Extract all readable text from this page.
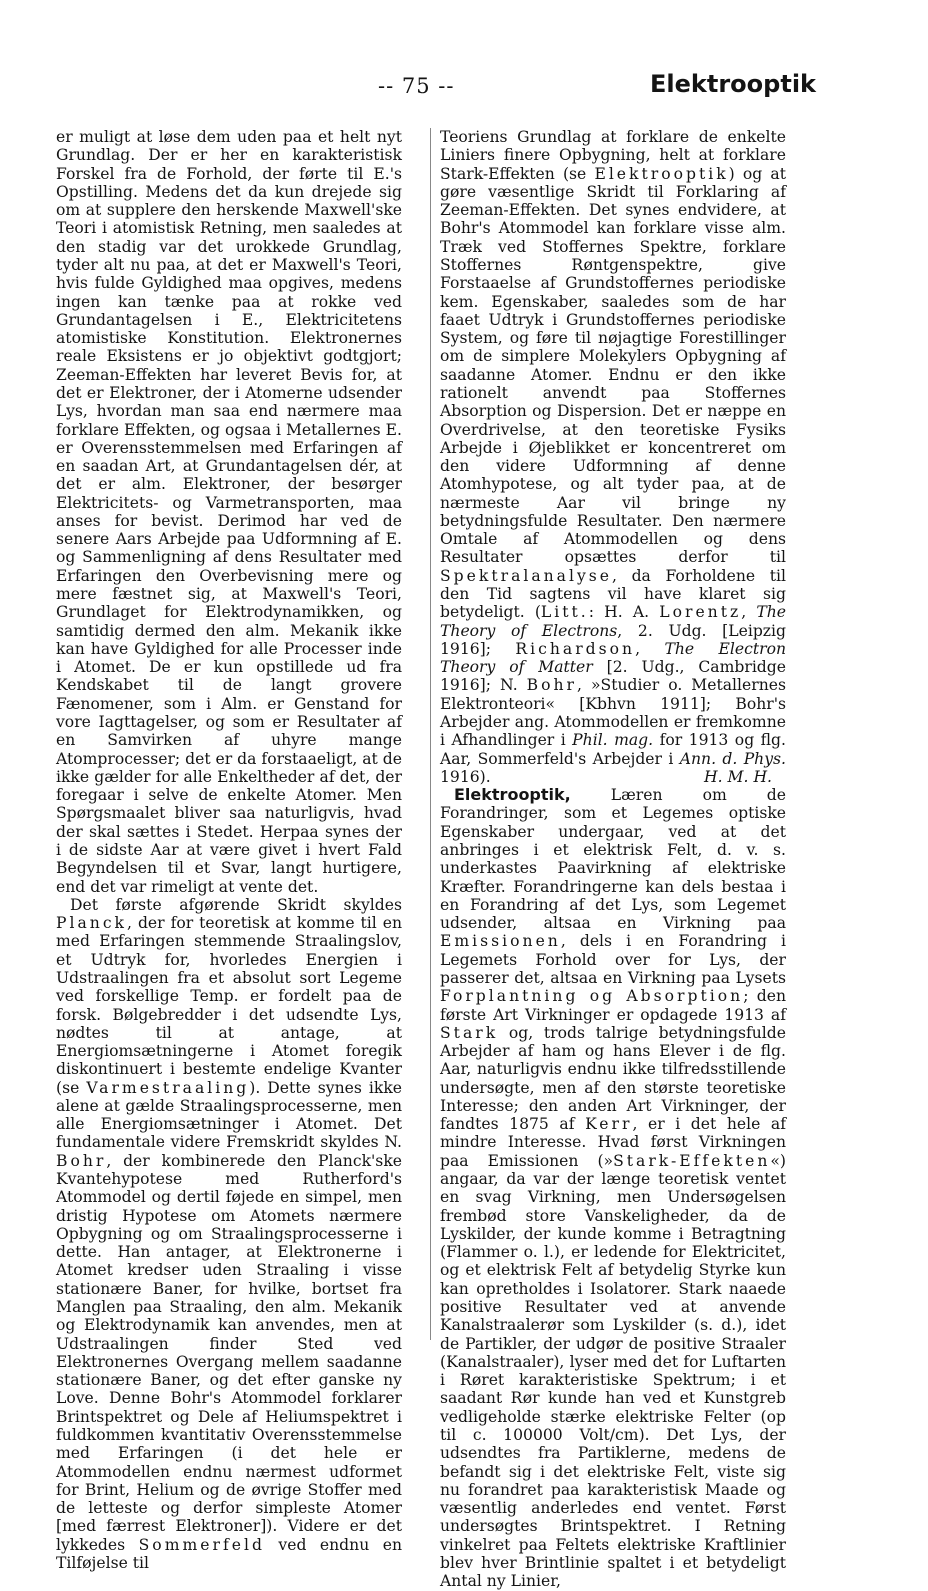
-- 75 --	Elektrooptik

er muligt at løse dem uden paa et helt nyt Grundlag. Der er her en karakteristisk Forskel fra de Forhold, der førte til E.'s Opstilling. Medens det da kun drejede sig om at supplere den herskende Maxwell'ske Teori i atomistisk Retning, men saaledes at den stadig var det urokkede Grundlag, tyder alt nu paa, at det er Maxwell's Teori, hvis fulde Gyldighed maa opgives, medens ingen kan tænke paa at rokke ved Grundantagelsen i E., Elektricitetens atomistiske Konstitution. Elektronernes reale Eksistens er jo objektivt godtgjort; Zeeman-Effekten har leveret Bevis for, at det er Elektroner, der i Atomerne udsender Lys, hvordan man saa end nærmere maa forklare Effekten, og ogsaa i Metallernes E. er Overensstemmelsen med Erfaringen af en saadan Art, at Grundantagelsen dér, at det er alm. Elektroner, der besørger Elektricitets- og Varmetransporten, maa anses for bevist. Derimod har ved de senere Aars Arbejde paa Udformning af E. og Sammenligning af dens Resultater med Erfaringen den Overbevisning mere og mere fæstnet sig, at Maxwell's Teori, Grundlaget for Elektrodynamikken, og samtidig dermed den alm. Mekanik ikke kan have Gyldighed for alle Processer inde i Atomet. De er kun opstillede ud fra Kendskabet til de langt grovere Fænomener, som i Alm. er Genstand for vore Iagttagelser, og som er Resultater af en Samvirken af uhyre mange Atomprocesser; det er da forstaaeligt, at de ikke gælder for alle Enkeltheder af det, der foregaar i selve de enkelte Atomer. Men Spørgsmaalet bliver saa naturligvis, hvad der skal sættes i Stedet. Herpaa synes der i de sidste Aar at være givet i hvert Fald Begyndelsen til et Svar, langt hurtigere, end det var rimeligt at vente det.

Det første afgørende Skridt skyldes Planck, der for teoretisk at komme til en med Erfaringen stemmende Straalingslov, et Udtryk for, hvorledes Energien i Udstraalingen fra et absolut sort Legeme ved forskellige Temp. er fordelt paa de forsk. Bølgebredder i det udsendte Lys, nødtes til at antage, at Energiomsætningerne i Atomet foregik diskontinuert i bestemte endelige Kvanter (se Varmestraaling). Dette synes ikke alene at gælde Straalingsprocesserne, men alle Energiomsætninger i Atomet. Det fundamentale videre Fremskridt skyldes N. Bohr, der kombinerede den Planck'ske Kvantehypotese med Rutherford's Atommodel og dertil føjede en simpel, men dristig Hypotese om Atomets nærmere Opbygning og om Straalingsprocesserne i dette. Han antager, at Elektronerne i Atomet kredser uden Straaling i visse stationære Baner, for hvilke, bortset fra Manglen paa Straaling, den alm. Mekanik og Elektrodynamik kan anvendes, men at Udstraalingen finder Sted ved Elektronernes Overgang mellem saadanne stationære Baner, og det efter ganske ny Love. Denne Bohr's Atommodel forklarer Brintspektret og Dele af Heliumspektret i fuldkommen kvantitativ Overensstemmelse med Erfaringen (i det hele er Atommodellen endnu nærmest udformet for Brint, Helium og de øvrige Stoffer med de letteste og derfor simpleste Atomer [med færrest Elektroner]). Videre er det lykkedes Sommerfeld ved endnu en Tilføjelse til

Teoriens Grundlag at forklare de enkelte Liniers finere Opbygning, helt at forklare Stark-Effekten (se Elektrooptik) og at gøre væsentlige Skridt til Forklaring af Zeeman-Effekten. Det synes endvidere, at Bohr's Atommodel kan forklare visse alm. Træk ved Stoffernes Spektre, forklare Stoffernes Røntgenspektre, give Forstaaelse af Grundstoffernes periodiske kem. Egenskaber, saaledes som de har faaet Udtryk i Grundstoffernes periodiske System, og føre til nøjagtige Forestillinger om de simplere Molekylers Opbygning af saadanne Atomer. Endnu er den ikke rationelt anvendt paa Stoffernes Absorption og Dispersion. Det er næppe en Overdrivelse, at den teoretiske Fysiks Arbejde i Øjeblikket er koncentreret om den videre Udformning af denne Atomhypotese, og alt tyder paa, at de nærmeste Aar vil bringe ny betydningsfulde Resultater. Den nærmere Omtale af Atommodellen og dens Resultater opsættes derfor til Spektralanalyse, da Forholdene til den Tid sagtens vil have klaret sig betydeligt. (Litt.: H. A. Lorentz, The Theory of Electrons, 2. Udg. [Leipzig 1916]; Richardson, The Electron Theory of Matter [2. Udg., Cambridge 1916]; N. Bohr, »Studier o. Metallernes Elektronteori« [Kbhvn 1911]; Bohr's Arbejder ang. Atommodellen er fremkomne i Afhandlinger i Phil. mag. for 1913 og flg. Aar, Sommerfeld's Arbejder i Ann. d. Phys. 1916).	H. M. H.

Elektrooptik, Læren om de Forandringer, som et Legemes optiske Egenskaber undergaar, ved at det anbringes i et elektrisk Felt, d. v. s. underkastes Paavirkning af elektriske Kræfter. Forandringerne kan dels bestaa i en Forandring af det Lys, som Legemet udsender, altsaa en Virkning paa Emissionen, dels i en Forandring i Legemets Forhold over for Lys, der passerer det, altsaa en Virkning paa Lysets Forplantning og Absorption; den første Art Virkninger er opdagede 1913 af Stark og, trods talrige betydningsfulde Arbejder af ham og hans Elever i de flg. Aar, naturligvis endnu ikke tilfredsstillende undersøgte, men af den største teoretiske Interesse; den anden Art Virkninger, der fandtes 1875 af Kerr, er i det hele af mindre Interesse. Hvad først Virkningen paa Emissionen (»Stark-Effekten«) angaar, da var der længe teoretisk ventet en svag Virkning, men Undersøgelsen frembød store Vanskeligheder, da de Lyskilder, der kunde komme i Betragtning (Flammer o. l.), er ledende for Elektricitet, og et elektrisk Felt af betydelig Styrke kun kan opretholdes i Isolatorer. Stark naaede positive Resultater ved at anvende Kanalstraalerør som Lyskilder (s. d.), idet de Partikler, der udgør de positive Straaler (Kanalstraaler), lyser med det for Luftarten i Røret karakteristiske Spektrum; i et saadant Rør kunde han ved et Kunstgreb vedligeholde stærke elektriske Felter (op til c. 100000 Volt/cm). Det Lys, der udsendtes fra Partiklerne, medens de befandt sig i det elektriske Felt, viste sig nu forandret paa karakteristisk Maade og væsentlig anderledes end ventet. Først undersøgtes Brintspektret. I Retning vinkelret paa Feltets elektriske Kraftlinier blev hver Brintlinie spaltet i et betydeligt Antal ny Linier,
